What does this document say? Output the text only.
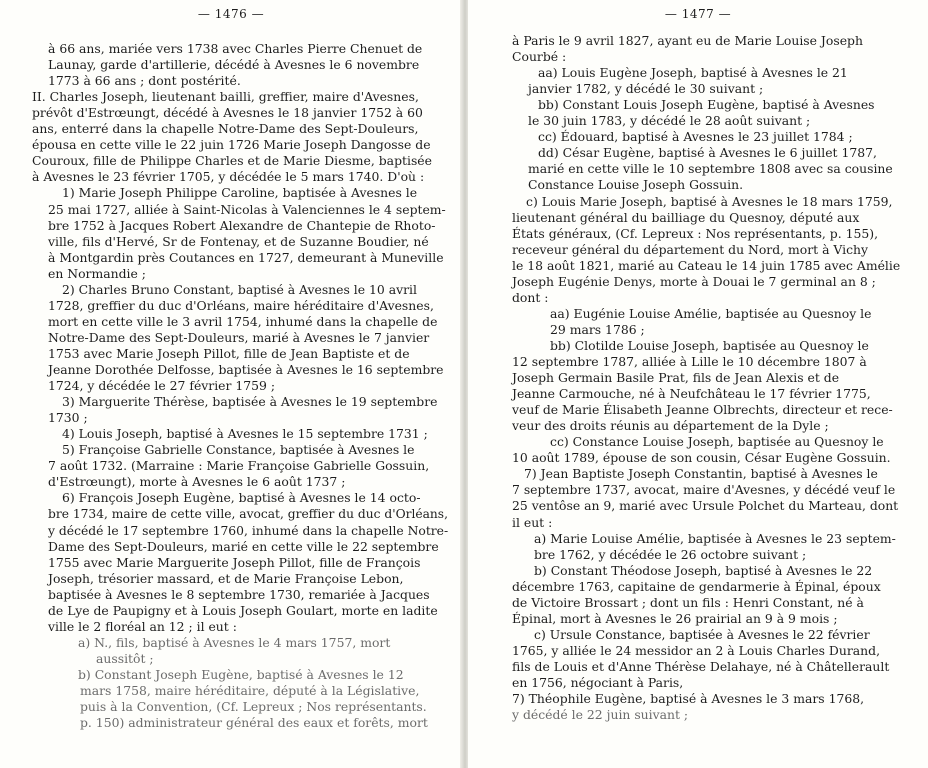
— 1476 —
à 66 ans, mariée vers 1738 avec Charles Pierre Chenuet de
Launay, garde d'artillerie, décédé à Avesnes le 6 novembre
1773 à 66 ans ; dont postérité.
II. Charles Joseph, lieutenant bailli, greffier, maire d'Avesnes,
prévôt d'Estrœungt, décédé à Avesnes le 18 janvier 1752 à 60
ans, enterré dans la chapelle Notre-Dame des Sept-Douleurs,
épousa en cette ville le 22 juin 1726 Marie Joseph Dangosse de
Couroux, fille de Philippe Charles et de Marie Diesme, baptisée
à Avesnes le 23 février 1705, y décédée le 5 mars 1740. D'où :
1) Marie Joseph Philippe Caroline, baptisée à Avesnes le
25 mai 1727, alliée à Saint-Nicolas à Valenciennes le 4 septem-
bre 1752 à Jacques Robert Alexandre de Chantepie de Rhoto-
ville, fils d'Hervé, Sr de Fontenay, et de Suzanne Boudier, né
à Montgardin près Coutances en 1727, demeurant à Muneville
en Normandie ;
2) Charles Bruno Constant, baptisé à Avesnes le 10 avril
1728, greffier du duc d'Orléans, maire héréditaire d'Avesnes,
mort en cette ville le 3 avril 1754, inhumé dans la chapelle de
Notre-Dame des Sept-Douleurs, marié à Avesnes le 7 janvier
1753 avec Marie Joseph Pillot, fille de Jean Baptiste et de
Jeanne Dorothée Delfosse, baptisée à Avesnes le 16 septembre
1724, y décédée le 27 février 1759 ;
3) Marguerite Thérèse, baptisée à Avesnes le 19 septembre
1730 ;
4) Louis Joseph, baptisé à Avesnes le 15 septembre 1731 ;
5) Françoise Gabrielle Constance, baptisée à Avesnes le
7 août 1732. (Marraine : Marie Françoise Gabrielle Gossuin,
d'Estrœungt), morte à Avesnes le 6 août 1737 ;
6) François Joseph Eugène, baptisé à Avesnes le 14 octo-
bre 1734, maire de cette ville, avocat, greffier du duc d'Orléans,
y décédé le 17 septembre 1760, inhumé dans la chapelle Notre-
Dame des Sept-Douleurs, marié en cette ville le 22 septembre
1755 avec Marie Marguerite Joseph Pillot, fille de François
Joseph, trésorier massard, et de Marie Françoise Lebon,
baptisée à Avesnes le 8 septembre 1730, remariée à Jacques
de Lye de Paupigny et à Louis Joseph Goulart, morte en ladite
ville le 2 floréal an 12 ; il eut :
a) N., fils, baptisé à Avesnes le 4 mars 1757, mort
aussitôt ;
b) Constant Joseph Eugène, baptisé à Avesnes le 12
mars 1758, maire héréditaire, député à la Législative,
puis à la Convention, (Cf. Lepreux ; Nos représentants.
p. 150) administrateur général des eaux et forêts, mort
— 1477 —
à Paris le 9 avril 1827, ayant eu de Marie Louise Joseph
Courbé :
aa) Louis Eugène Joseph, baptisé à Avesnes le 21
janvier 1782, y décédé le 30 suivant ;
bb) Constant Louis Joseph Eugène, baptisé à Avesnes
le 30 juin 1783, y décédé le 28 août suivant ;
cc) Édouard, baptisé à Avesnes le 23 juillet 1784 ;
dd) César Eugène, baptisé à Avesnes le 6 juillet 1787,
marié en cette ville le 10 septembre 1808 avec sa cousine
Constance Louise Joseph Gossuin.
c) Louis Marie Joseph, baptisé à Avesnes le 18 mars 1759,
lieutenant général du bailliage du Quesnoy, député aux
États généraux, (Cf. Lepreux : Nos représentants, p. 155),
receveur général du département du Nord, mort à Vichy
le 18 août 1821, marié au Cateau le 14 juin 1785 avec Amélie
Joseph Eugénie Denys, morte à Douai le 7 germinal an 8 ;
dont :
aa) Eugénie Louise Amélie, baptisée au Quesnoy le
29 mars 1786 ;
bb) Clotilde Louise Joseph, baptisée au Quesnoy le
12 septembre 1787, alliée à Lille le 10 décembre 1807 à
Joseph Germain Basile Prat, fils de Jean Alexis et de
Jeanne Carmouche, né à Neufchâteau le 17 février 1775,
veuf de Marie Élisabeth Jeanne Olbrechts, directeur et rece-
veur des droits réunis au département de la Dyle ;
cc) Constance Louise Joseph, baptisée au Quesnoy le
10 août 1789, épouse de son cousin, César Eugène Gossuin.
7) Jean Baptiste Joseph Constantin, baptisé à Avesnes le
7 septembre 1737, avocat, maire d'Avesnes, y décédé veuf le
25 ventôse an 9, marié avec Ursule Polchet du Marteau, dont
il eut :
a) Marie Louise Amélie, baptisée à Avesnes le 23 septem-
bre 1762, y décédée le 26 octobre suivant ;
b) Constant Théodose Joseph, baptisé à Avesnes le 22
décembre 1763, capitaine de gendarmerie à Épinal, époux
de Victoire Brossart ; dont un fils : Henri Constant, né à
Épinal, mort à Avesnes le 26 prairial an 9 à 9 mois ;
c) Ursule Constance, baptisée à Avesnes le 22 février
1765, y alliée le 24 messidor an 2 à Louis Charles Durand,
fils de Louis et d'Anne Thérèse Delahaye, né à Châtellerault
en 1756, négociant à Paris,
7) Théophile Eugène, baptisé à Avesnes le 3 mars 1768,
y décédé le 22 juin suivant ;
